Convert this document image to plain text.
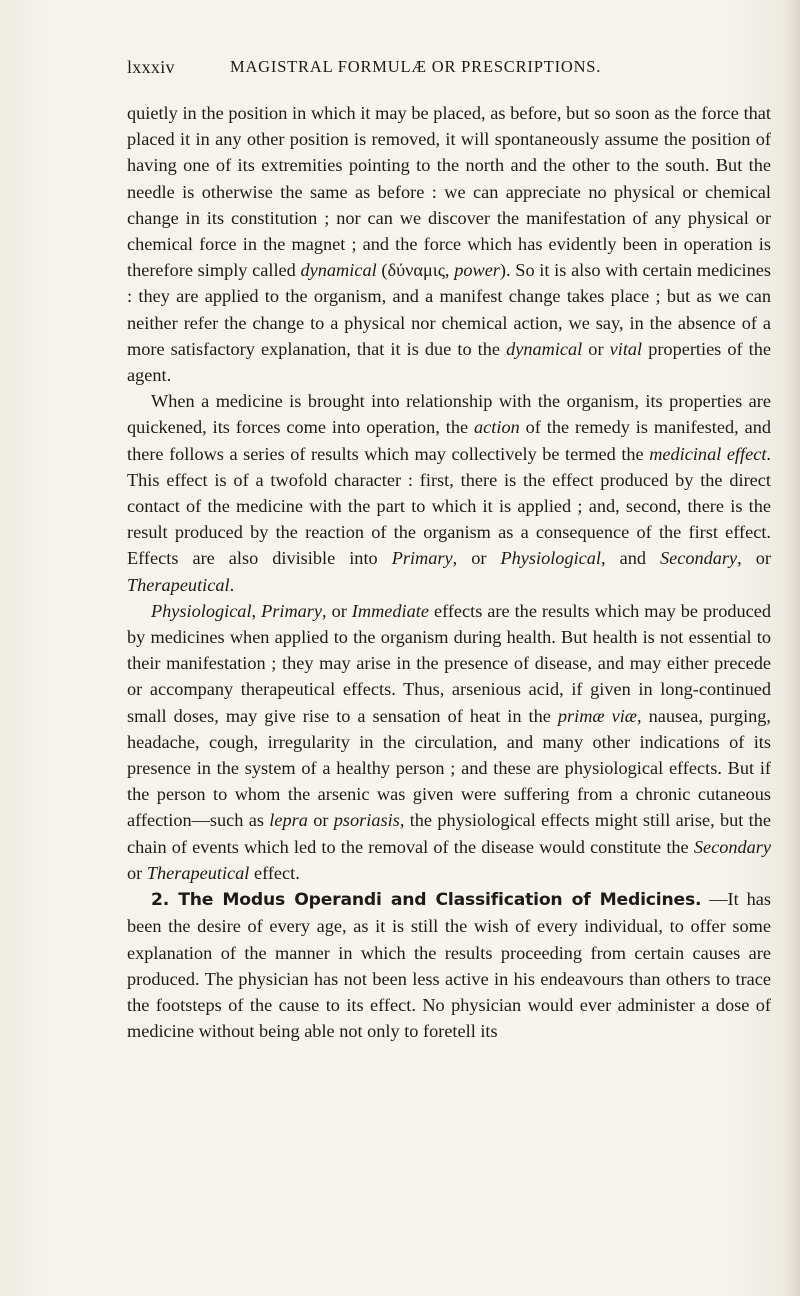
lxxxiv	MAGISTRAL FORMULÆ OR PRESCRIPTIONS.

quietly in the position in which it may be placed, as before, but so soon as the force that placed it in any other position is removed, it will spontaneously assume the position of having one of its extremities pointing to the north and the other to the south. But the needle is otherwise the same as before : we can appreciate no physical or chemical change in its constitution ; nor can we discover the manifestation of any physical or chemical force in the magnet ; and the force which has evidently been in operation is therefore simply called dynamical (δύναμις, power). So it is also with certain medicines : they are applied to the organism, and a manifest change takes place ; but as we can neither refer the change to a physical nor chemical action, we say, in the absence of a more satisfactory explanation, that it is due to the dynamical or vital properties of the agent.

When a medicine is brought into relationship with the organism, its properties are quickened, its forces come into operation, the action of the remedy is manifested, and there follows a series of results which may collectively be termed the medicinal effect. This effect is of a twofold character : first, there is the effect produced by the direct contact of the medicine with the part to which it is applied ; and, second, there is the result produced by the reaction of the organism as a consequence of the first effect. Effects are also divisible into Primary, or Physiological, and Secondary, or Therapeutical.

Physiological, Primary, or Immediate effects are the results which may be produced by medicines when applied to the organism during health. But health is not essential to their manifestation ; they may arise in the presence of disease, and may either precede or accompany therapeutical effects. Thus, arsenious acid, if given in long-continued small doses, may give rise to a sensation of heat in the primæ viæ, nausea, purging, headache, cough, irregularity in the circulation, and many other indications of its presence in the system of a healthy person ; and these are physiological effects. But if the person to whom the arsenic was given were suffering from a chronic cutaneous affection—such as lepra or psoriasis, the physiological effects might still arise, but the chain of events which led to the removal of the disease would constitute the Secondary or Therapeutical effect.

2. The Modus Operandi and Classification of Medicines. —It has been the desire of every age, as it is still the wish of every individual, to offer some explanation of the manner in which the results proceeding from certain causes are produced. The physician has not been less active in his endeavours than others to trace the footsteps of the cause to its effect. No physician would ever administer a dose of medicine without being able not only to foretell its
